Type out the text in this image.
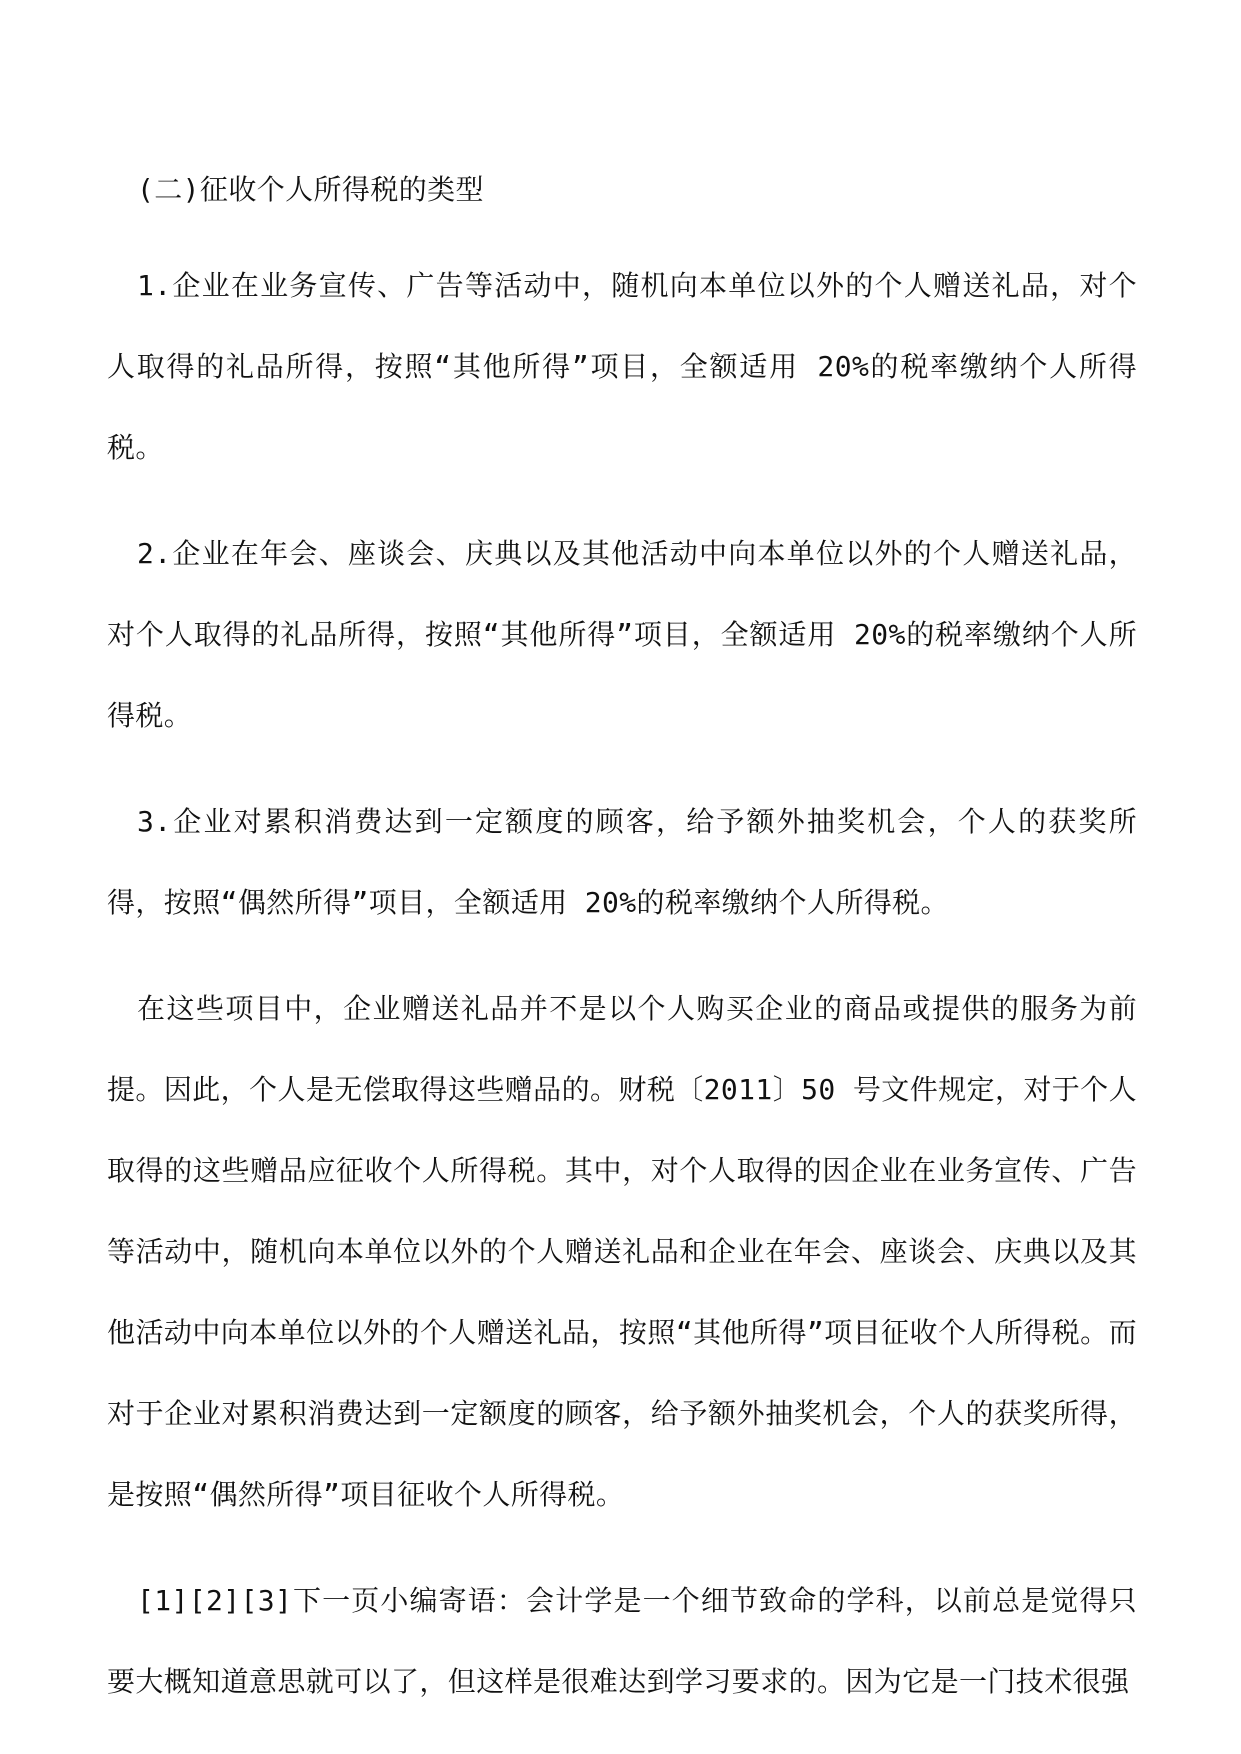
(二)征收个人所得税的类型

1.企业在业务宣传、广告等活动中，随机向本单位以外的个人赠送礼品，对个人取得的礼品所得，按照“其他所得”项目，全额适用 20%的税率缴纳个人所得税。

2.企业在年会、座谈会、庆典以及其他活动中向本单位以外的个人赠送礼品，对个人取得的礼品所得，按照“其他所得”项目，全额适用 20%的税率缴纳个人所得税。

3.企业对累积消费达到一定额度的顾客，给予额外抽奖机会，个人的获奖所得，按照“偶然所得”项目，全额适用 20%的税率缴纳个人所得税。

在这些项目中，企业赠送礼品并不是以个人购买企业的商品或提供的服务为前提。因此，个人是无偿取得这些赠品的。财税〔2011〕50 号文件规定，对于个人取得的这些赠品应征收个人所得税。其中，对个人取得的因企业在业务宣传、广告等活动中，随机向本单位以外的个人赠送礼品和企业在年会、座谈会、庆典以及其他活动中向本单位以外的个人赠送礼品，按照“其他所得”项目征收个人所得税。而对于企业对累积消费达到一定额度的顾客，给予额外抽奖机会，个人的获奖所得，是按照“偶然所得”项目征收个人所得税。

[1][2][3]下一页小编寄语：会计学是一个细节致命的学科，以前总是觉得只要大概知道意思就可以了，但这样是很难达到学习要求的。因为它是一门技术很强
